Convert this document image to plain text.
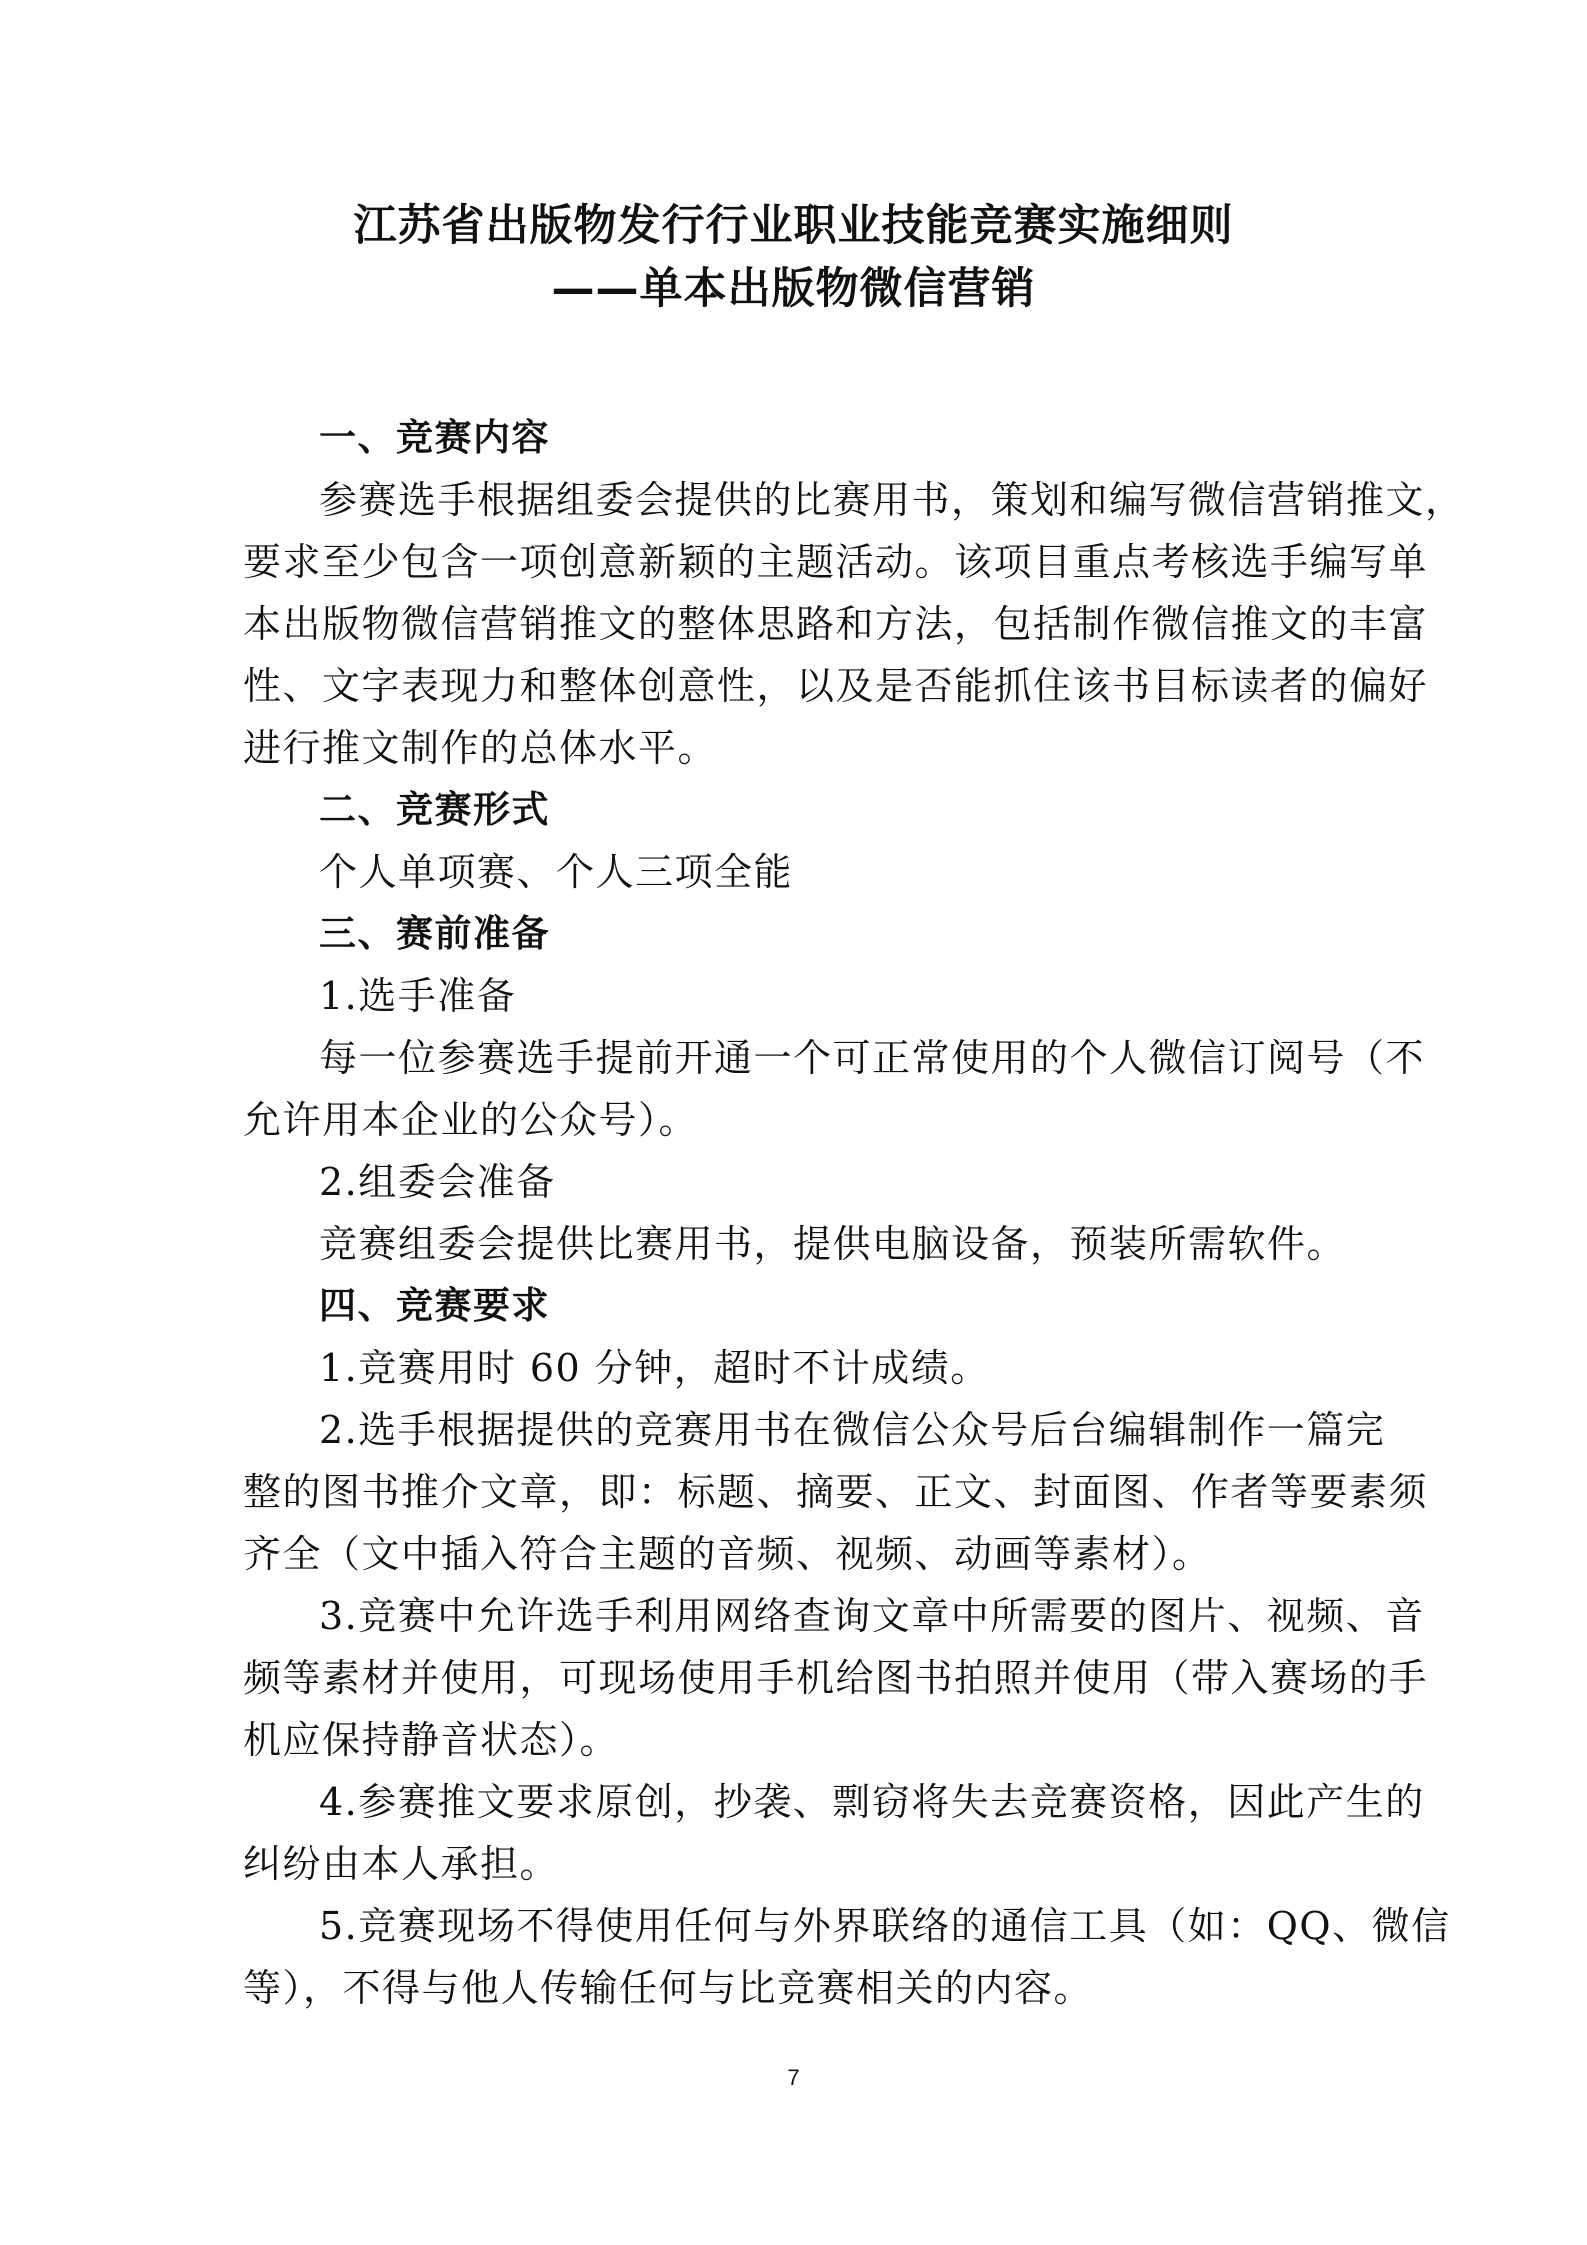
江苏省出版物发行行业职业技能竞赛实施细则
——单本出版物微信营销
一、竞赛内容
参赛选手根据组委会提供的比赛用书，策划和编写微信营销推文，
要求至少包含一项创意新颖的主题活动。该项目重点考核选手编写单
本出版物微信营销推文的整体思路和方法，包括制作微信推文的丰富
性、文字表现力和整体创意性，以及是否能抓住该书目标读者的偏好
进行推文制作的总体水平。
二、竞赛形式
个人单项赛、个人三项全能
三、赛前准备
1.选手准备
每一位参赛选手提前开通一个可正常使用的个人微信订阅号（不
允许用本企业的公众号）。
2.组委会准备
竞赛组委会提供比赛用书，提供电脑设备，预装所需软件。
四、竞赛要求
1.竞赛用时 60 分钟，超时不计成绩。
2.选手根据提供的竞赛用书在微信公众号后台编辑制作一篇完
整的图书推介文章，即：标题、摘要、正文、封面图、作者等要素须
齐全（文中插入符合主题的音频、视频、动画等素材）。
3.竞赛中允许选手利用网络查询文章中所需要的图片、视频、音
频等素材并使用，可现场使用手机给图书拍照并使用（带入赛场的手
机应保持静音状态）。
4.参赛推文要求原创，抄袭、剽窃将失去竞赛资格，因此产生的
纠纷由本人承担。
5.竞赛现场不得使用任何与外界联络的通信工具（如：QQ、微信
等），不得与他人传输任何与比竞赛相关的内容。
7
